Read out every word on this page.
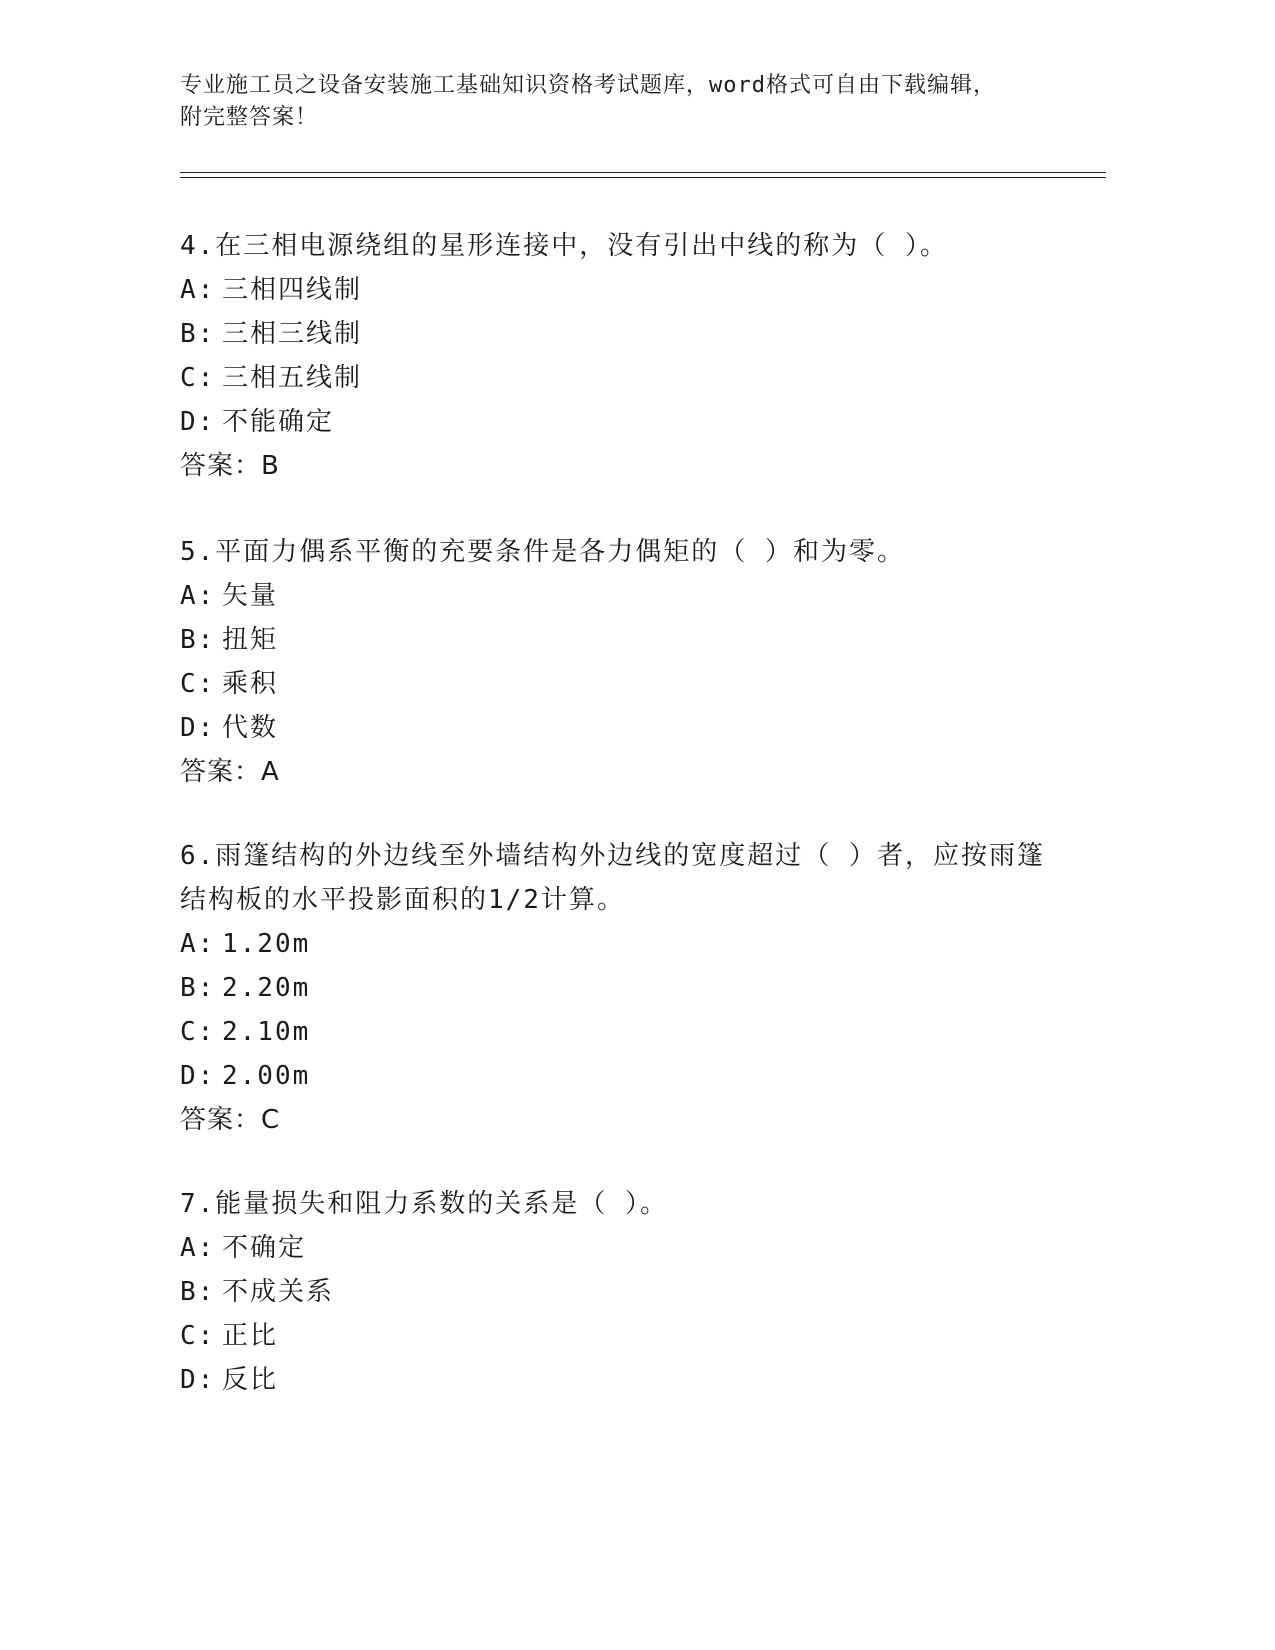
专业施工员之设备安装施工基础知识资格考试题库，word格式可自由下载编辑，
附完整答案！

4.在三相电源绕组的星形连接中，没有引出中线的称为（ ）。

A: 三相四线制

B: 三相三线制

C: 三相五线制

D: 不能确定

答案：B

5.平面力偶系平衡的充要条件是各力偶矩的（ ）和为零。

A: 矢量

B: 扭矩

C: 乘积

D: 代数

答案：A

6.雨篷结构的外边线至外墙结构外边线的宽度超过（ ）者，应按雨篷

结构板的水平投影面积的1/2计算。

A: 1.20m

B: 2.20m

C: 2.10m

D: 2.00m

答案：C

7.能量损失和阻力系数的关系是（ ）。

A: 不确定

B: 不成关系

C: 正比

D: 反比
